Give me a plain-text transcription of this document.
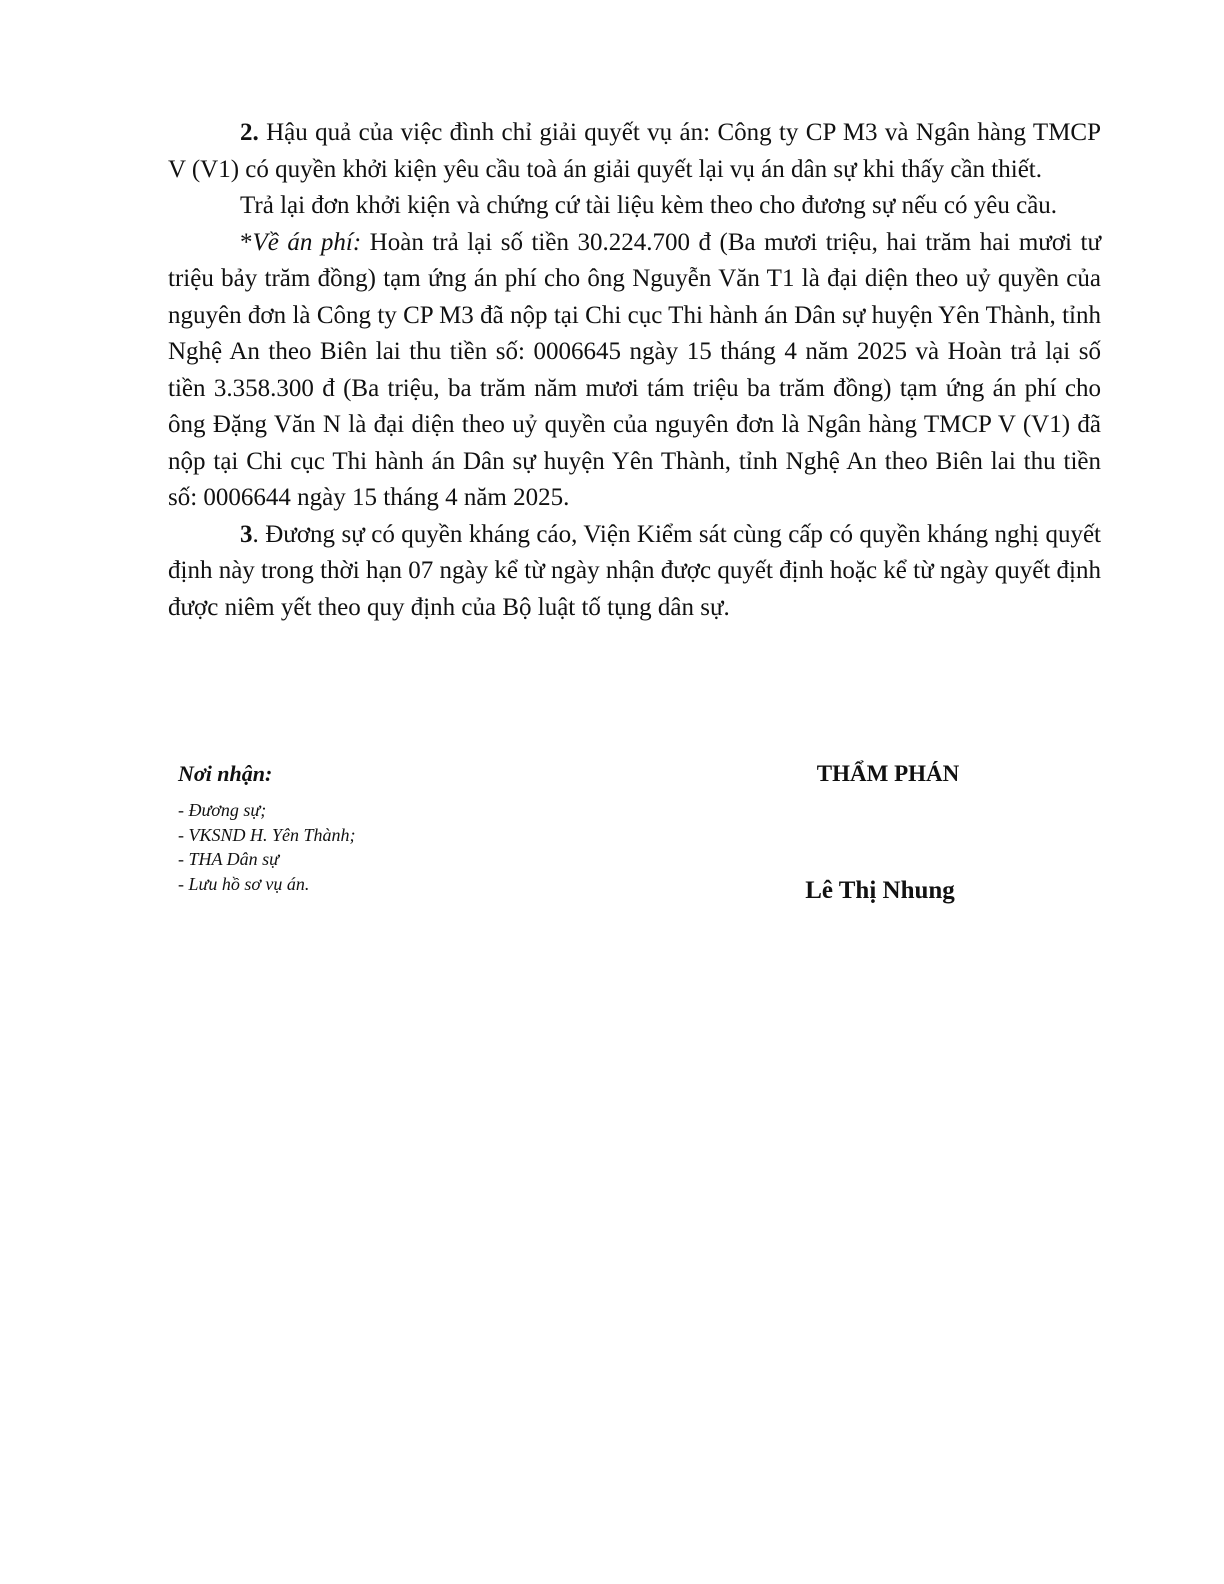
2. Hậu quả của việc đình chỉ giải quyết vụ án: Công ty CP M3 và Ngân hàng TMCP V (V1) có quyền khởi kiện yêu cầu toà án giải quyết lại vụ án dân sự khi thấy cần thiết.

Trả lại đơn khởi kiện và chứng cứ tài liệu kèm theo cho đương sự nếu có yêu cầu.

*Về án phí: Hoàn trả lại số tiền 30.224.700 đ (Ba mươi triệu, hai trăm hai mươi tư triệu bảy trăm đồng) tạm ứng án phí cho ông Nguyễn Văn T1 là đại diện theo uỷ quyền của nguyên đơn là Công ty CP M3 đã nộp tại Chi cục Thi hành án Dân sự huyện Yên Thành, tỉnh Nghệ An theo Biên lai thu tiền số: 0006645 ngày 15 tháng 4 năm 2025 và Hoàn trả lại số tiền 3.358.300 đ (Ba triệu, ba trăm năm mươi tám triệu ba trăm đồng) tạm ứng án phí cho ông Đặng Văn N là đại diện theo uỷ quyền của nguyên đơn là Ngân hàng TMCP V (V1) đã nộp tại Chi cục Thi hành án Dân sự huyện Yên Thành, tỉnh Nghệ An theo Biên lai thu tiền số: 0006644 ngày 15 tháng 4 năm 2025.

3. Đương sự có quyền kháng cáo, Viện Kiểm sát cùng cấp có quyền kháng nghị quyết định này trong thời hạn 07 ngày kể từ ngày nhận được quyết định hoặc kể từ ngày quyết định được niêm yết theo quy định của Bộ luật tố tụng dân sự.

Nơi nhận:

- Đương sự;
- VKSND H. Yên Thành;
- THA Dân sự
- Lưu hồ sơ vụ án.

THẨM PHÁN

Lê Thị Nhung
